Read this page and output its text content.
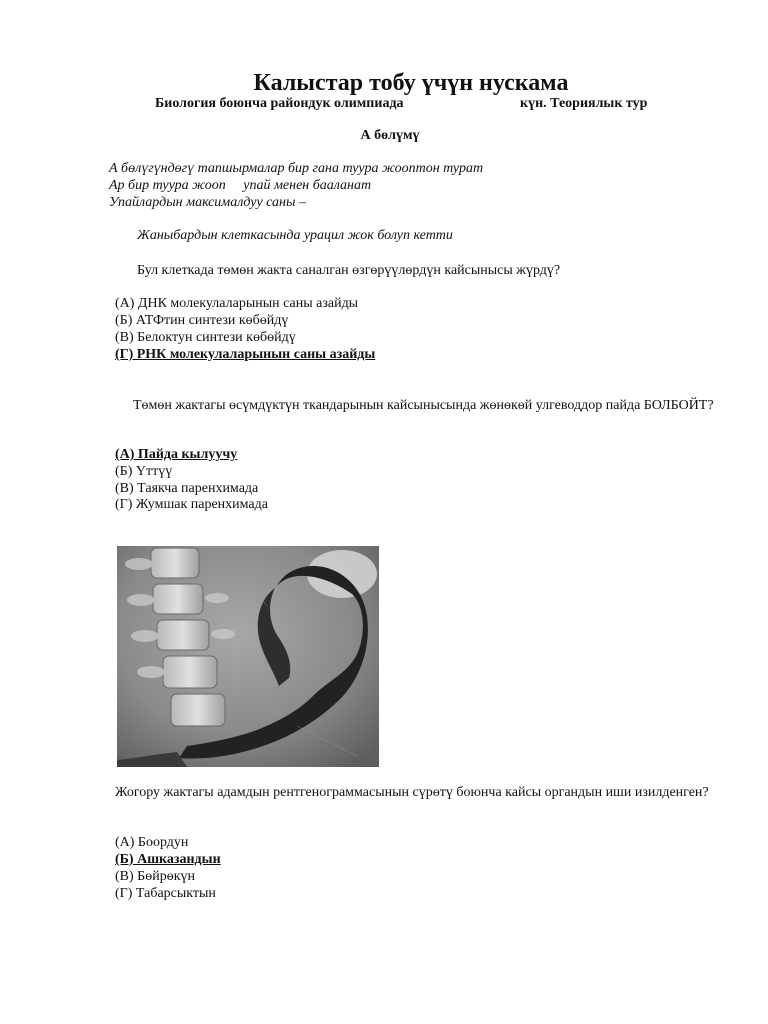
Калыстар тобу үчүн нускама
Биология боюнча райондук олимпиада	күн. Теориялык тур
А бөлүмү
А бөлүгүндөгү тапшырмалар бир гана туура жооптон турат
Ар бир туура жооп     упай менен бааланат
Упайлардын максималдуу саны –
Жаныбардын клеткасында урацил жок болуп кетти
Бул клеткада төмөн жакта саналган өзгөрүүлөрдүн кайсынысы жүрдү?
(А) ДНК молекулаларынын саны азайды
(Б) АТФтин синтези көбөйдү
(В) Белоктун синтези көбөйдү
(Г) РНК молекулаларынын саны азайды
Төмөн жактагы өсүмдүктүн ткандарынын кайсынысында жөнөкөй улгеводдор пайда БОЛБОЙТ?
(А) Пайда кылуучу
(Б) Үттүү
(В) Таякча паренхимада
(Г) Жумшак паренхимада
Жогору жактагы адамдын рентгенограммасынын сүрөтү боюнча кайсы органдын иши изилденген?
(А) Боордун
(Б) Ашказандын
(В) Бөйрөкүн
(Г) Табарсыктын
